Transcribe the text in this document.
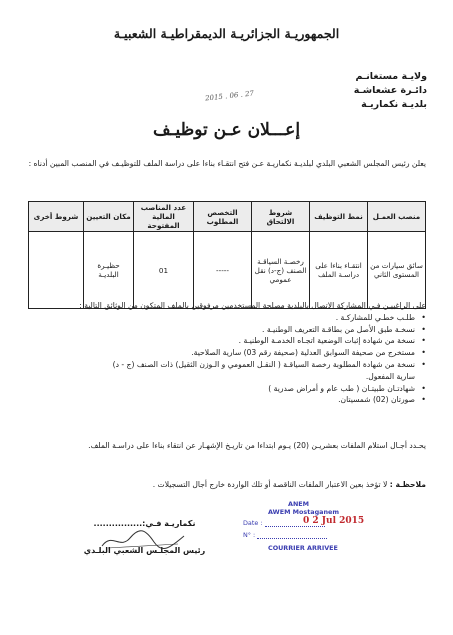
الجمهوريـة الجزائريـة الديمقراطيـة الشعبيـة
ولايـة مستغانـم
دائـرة عشعاشـة
بلديـة نكماريـة
2015 . 06 . 27
إعـــلان عـن توظيـف
يعلن رئيس المجلس الشعبي البلدي لبلديـة نكماريـة عـن فتح انتقـاء بناءا على دراسة الملف للتوظيـف في المنصب المبين أدناه :
منصب العمـل	نمط التوظيف	شروط الالتحاق	التخصص المطلوب	عدد المناصب المالية المفتوحة	مكان التعيين	شروط أخرى
سائق سيارات من المستوى الثاني	انتقـاء بناءا على دراسـة الملف	رخصـة السياقـة الصنف (ج-د) نقل عمومي	-----	01	حظيـرة البلديـة	

على الراغبيـن فـي المشاركة الاتصال بالبلدية مصلحة المستخدمين مرفوقين بالملف المتكون من الوثائق التالية :

• طلـب خطـي للمشاركـة .
• نسخـة طبق الأصل من بطاقـة التعريف الوطنيـة .
• نسخة من شهادة إثبات الوضعية اتجـاه الخدمـة الوطنيـة .
• مستخرج من صحيفة السوابق العدلية (صحيفة رقم 03) سارية الصلاحية.
• نسخة من شهادة المطلوبة رخصة السياقـة ( النقـل العمومي و الـوزن الثقيل) ذات الصنف (ج - د)
سارية المفعول.
• شهادتـان طبيتـان ( طب عام و أمراض صدرية )
• صورتان (02) شمسيتان.
يحـدد أجـال استلام الملفات بعشريـن (20) يـوم ابتداءا من تاريـخ الإشهـار عن انتقاء بناءا على دراسـة الملف.
ملاحظـة : لا تؤخذ بعين الاعتبار الملفات الناقصة أو تلك الواردة خارج أجال التسجيلات .
نكماريـة فـي:................
رئيس المجلـس الشعبي البلـدي
ANEM
AWEM Mostaganem
Date :	0 2 Jul 2015
N° :
COURRIER ARRIVEE
